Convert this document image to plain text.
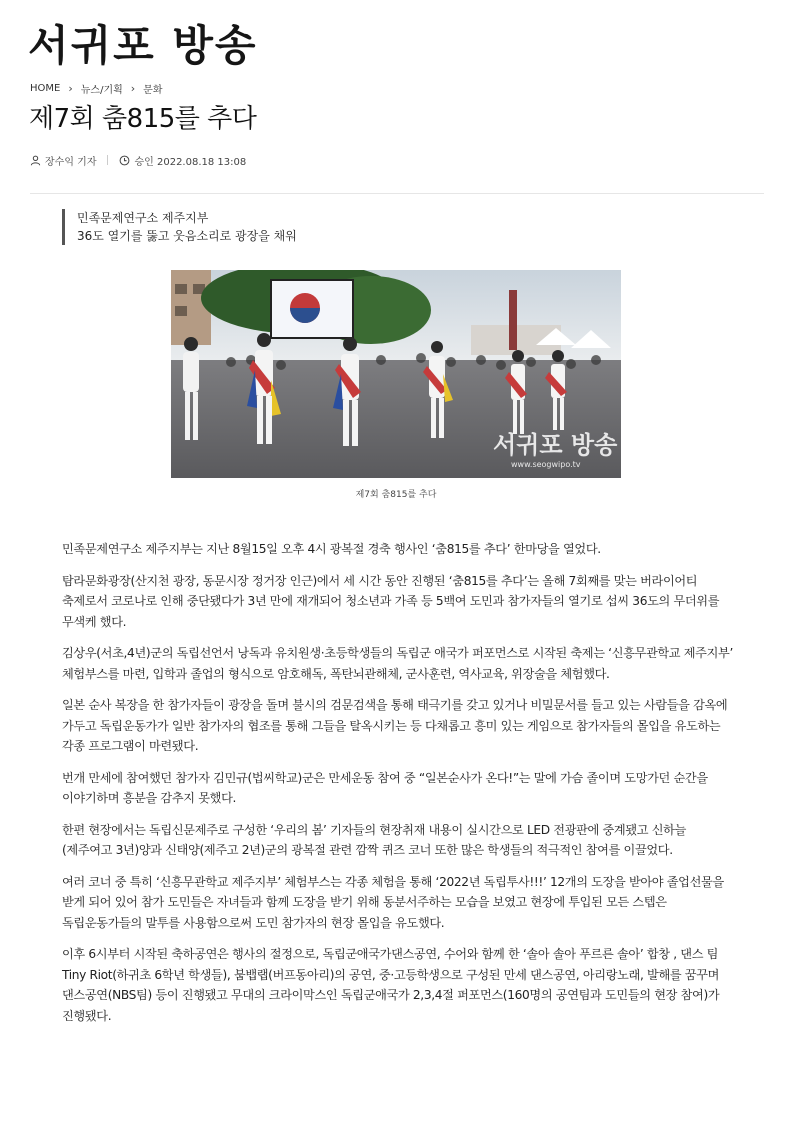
서귀포 방송
HOME › 뉴스/기획 › 문화
제7회 춤815를 추다
장수익 기자	승인 2022.08.18 13:08
민족문제연구소 제주지부
36도 열기를 뚫고 웃음소리로 광장을 채워
서귀포 방송
www.seogwipo.tv
제7회 춤815를 추다

민족문제연구소 제주지부는 지난 8월15일 오후 4시 광복절 경축 행사인 ‘춤815를 추다’ 한마당을 열었다.

탐라문화광장(산지천 광장, 동문시장 정거장 인근)에서 세 시간 동안 진행된 ‘춤815를 추다’는 올해 7회째를 맞는 버라이어티 축제로서 코로나로 인해 중단됐다가 3년 만에 재개되어 청소년과 가족 등 5백여 도민과 참가자들의 열기로 섭씨 36도의 무더위를 무색케 했다.

김상우(서초,4년)군의 독립선언서 낭독과 유치원생·초등학생들의 독립군 애국가 퍼포먼스로 시작된 축제는 ‘신흥무관학교 제주지부’ 체험부스를 마련, 입학과 졸업의 형식으로 암호해독, 폭탄뇌관해체, 군사훈련, 역사교육, 위장술을 체험했다.

일본 순사 복장을 한 참가자들이 광장을 돌며 불시의 검문검색을 통해 태극기를 갖고 있거나 비밀문서를 들고 있는 사람들을 감옥에 가두고 독립운동가가 일반 참가자의 협조를 통해 그들을 탈옥시키는 등 다채롭고 흥미 있는 게임으로 참가자들의 몰입을 유도하는 각종 프로그램이 마련됐다.

번개 만세에 참여했던 참가자 김민규(법씨학교)군은 만세운동 참여 중 “일본순사가 온다!”는 말에 가슴 졸이며 도망가던 순간을 이야기하며 흥분을 감추지 못했다.

한편 현장에서는 독립신문제주로 구성한 ‘우리의 봄’ 기자들의 현장취재 내용이 실시간으로 LED 전광판에 중계됐고 신하늘(제주여고 3년)양과 신태양(제주고 2년)군의 광복절 관련 깜짝 퀴즈 코너 또한 많은 학생들의 적극적인 참여를 이끌었다.

여러 코너 중 특히 ‘신흥무관학교 제주지부’ 체험부스는 각종 체험을 통해 ‘2022년 독립투사!!!’ 12개의 도장을 받아야 졸업선물을 받게 되어 있어 참가 도민들은 자녀들과 함께 도장을 받기 위해 동분서주하는 모습을 보였고 현장에 투입된 모든 스텝은 독립운동가들의 말투를 사용함으로써 도민 참가자의 현장 몰입을 유도했다.

이후 6시부터 시작된 축하공연은 행사의 절정으로, 독립군애국가댄스공연, 수어와 함께 한 ‘솔아 솔아 푸르른 솔아’ 합창 , 댄스 팀 Tiny Riot(하귀초 6학년 학생들), 붐뱁랩(버프동아리)의 공연, 중·고등학생으로 구성된 만세 댄스공연, 아리랑노래, 발해를 꿈꾸며 댄스공연(NBS팀) 등이 진행됐고 무대의 크라이막스인 독립군애국가 2,3,4절 퍼포먼스(160명의 공연팀과 도민들의 현장 참여)가 진행됐다.
